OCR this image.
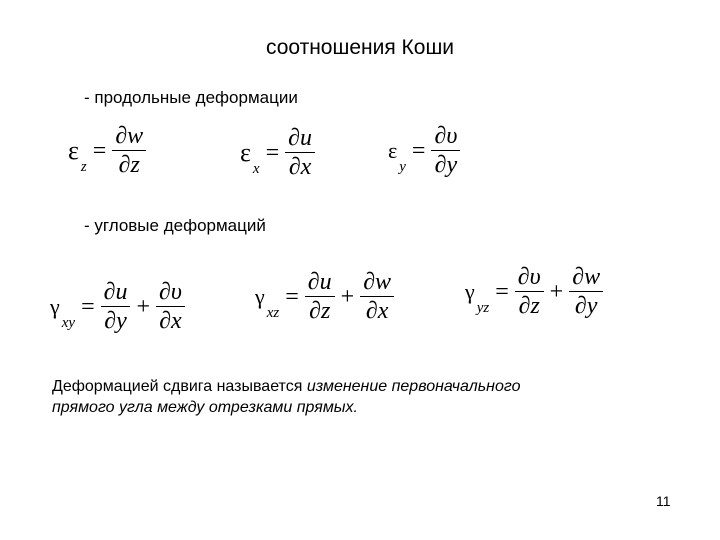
соотношения Коши
- продольные деформации
ε
z
= $\frac{\partial w}{\partial z}$	ε
x
= $\frac{\partial u}{\partial x}$	ε
y
= $\frac{\partial\upsilon}{\partial y}$
- угловые деформаций
γ
xy
= $\frac{\partial u}{\partial y} + \frac{\partial\upsilon}{\partial x}$	γ
xz
= $\frac{\partial u}{\partial z} + \frac{\partial w}{\partial x}$	γ
yz
= $\frac{\partial\upsilon}{\partial z} + \frac{\partial w}{\partial y}$
Деформацией сдвига называется изменение первоначального
прямого угла между отрезками прямых.
11
